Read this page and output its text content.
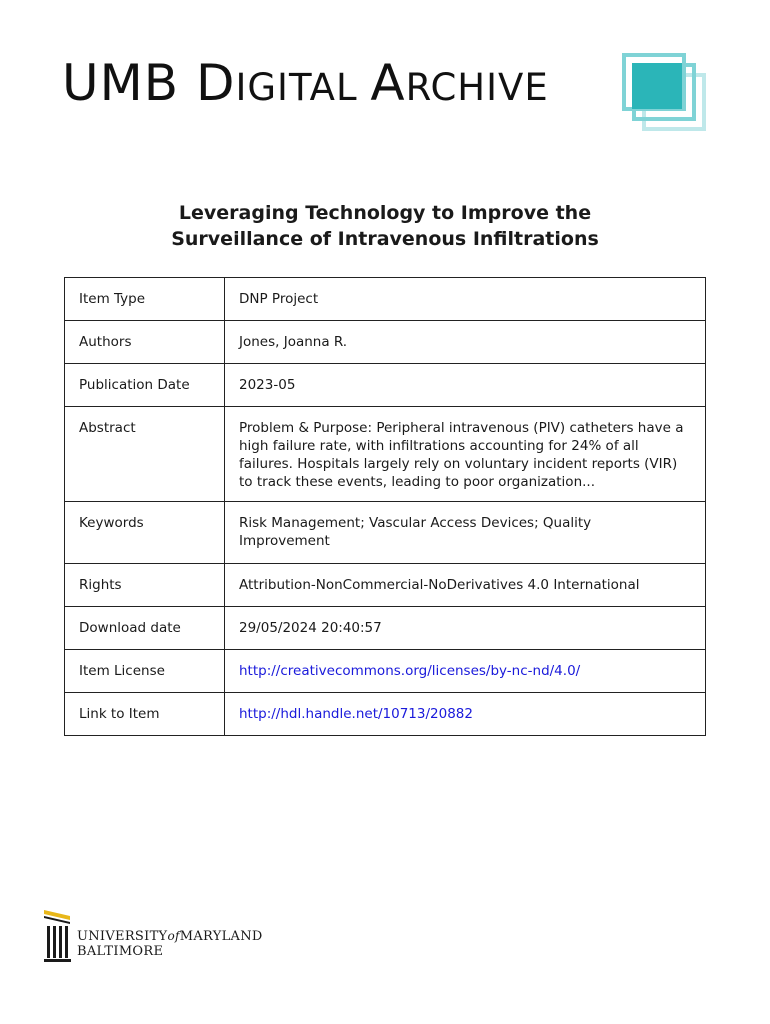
UMB DIGITAL ARCHIVE
Leveraging Technology to Improve the
Surveillance of Intravenous Infiltrations
Item Type	DNP Project
Authors	Jones, Joanna R.
Publication Date	2023-05
Abstract	Problem & Purpose: Peripheral intravenous (PIV) catheters have a high failure rate, with infiltrations accounting for 24% of all failures. Hospitals largely rely on voluntary incident reports (VIR) to track these events, leading to poor organization...
Keywords	Risk Management; Vascular Access Devices; Quality Improvement
Rights	Attribution-NonCommercial-NoDerivatives 4.0 International
Download date	29/05/2024 20:40:57
Item License	http://creativecommons.org/licenses/by-nc-nd/4.0/
Link to Item	http://hdl.handle.net/10713/20882
UNIVERSITYofMARYLAND
BALTIMORE
